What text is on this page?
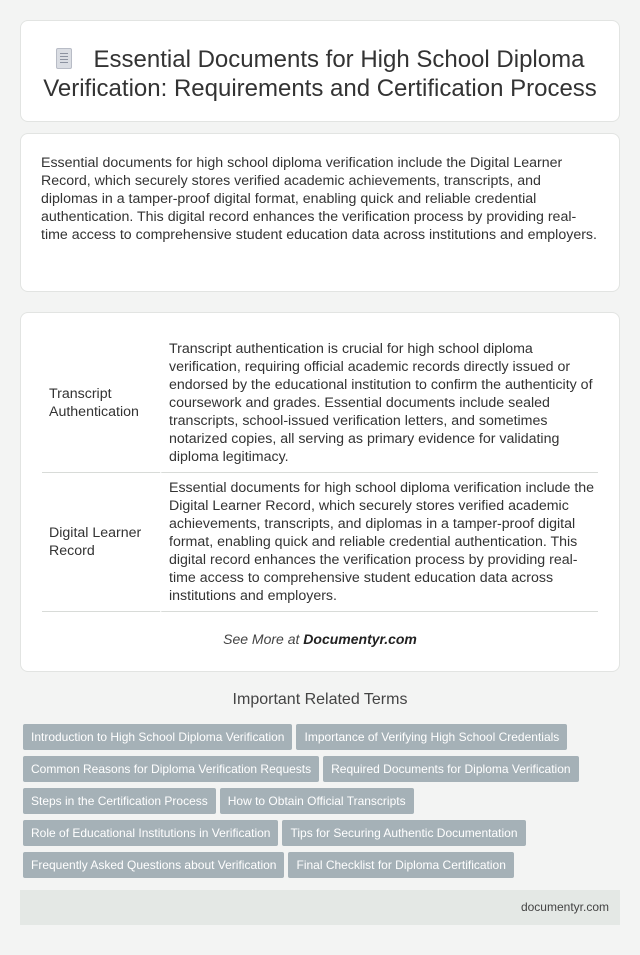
Essential Documents for High School Diploma Verification: Requirements and Certification Process

Essential documents for high school diploma verification include the Digital Learner Record, which securely stores verified academic achievements, transcripts, and diplomas in a tamper-proof digital format, enabling quick and reliable credential authentication. This digital record enhances the verification process by providing real-time access to comprehensive student education data across institutions and employers.

Transcript Authentication	Transcript authentication is crucial for high school diploma verification, requiring official academic records directly issued or endorsed by the educational institution to confirm the authenticity of coursework and grades. Essential documents include sealed transcripts, school-issued verification letters, and sometimes notarized copies, all serving as primary evidence for validating diploma legitimacy.
Digital Learner Record	Essential documents for high school diploma verification include the Digital Learner Record, which securely stores verified academic achievements, transcripts, and diplomas in a tamper-proof digital format, enabling quick and reliable credential authentication. This digital record enhances the verification process by providing real-time access to comprehensive student education data across institutions and employers.
See More at Documentyr.com
Important Related Terms
Introduction to High School Diploma Verification Importance of Verifying High School Credentials
Common Reasons for Diploma Verification Requests Required Documents for Diploma Verification
Steps in the Certification Process How to Obtain Official Transcripts
Role of Educational Institutions in Verification Tips for Securing Authentic Documentation
Frequently Asked Questions about Verification Final Checklist for Diploma Certification
documentyr.com
